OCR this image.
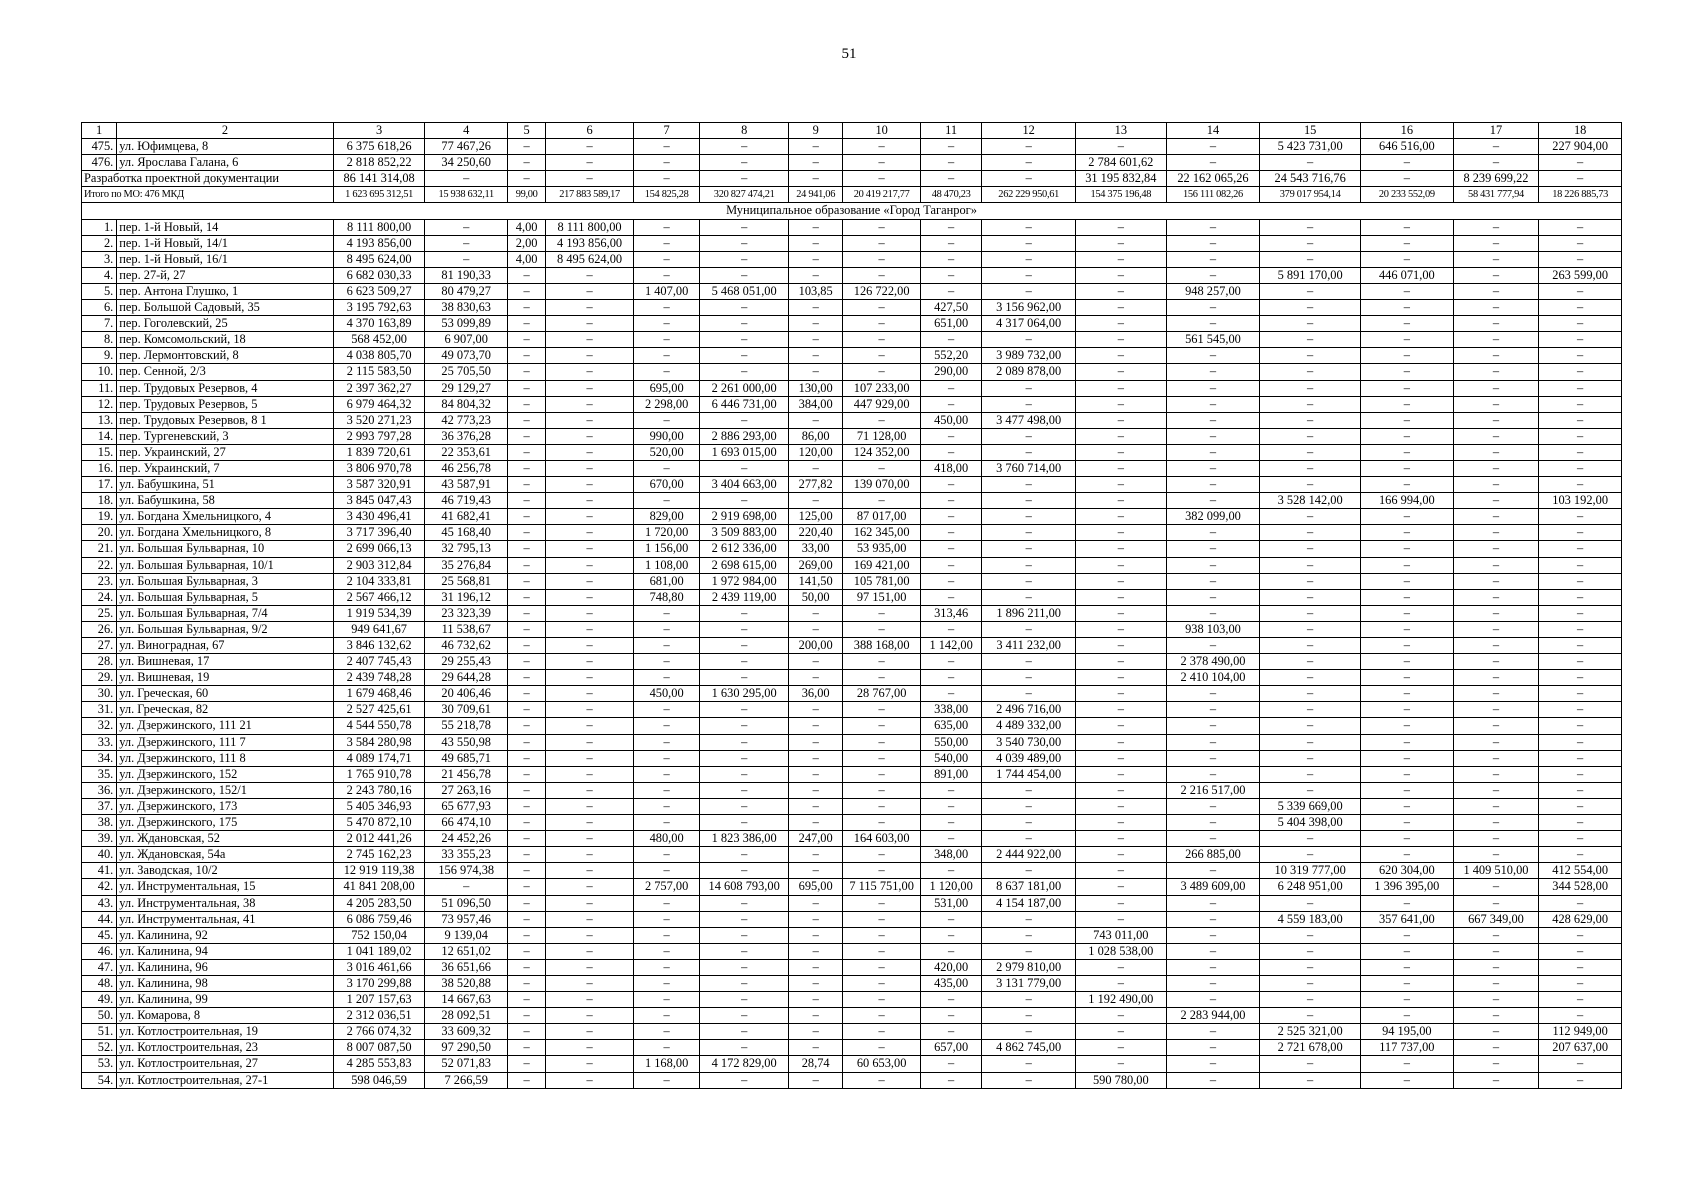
51
1	2	3	4	5	6	7	8	9	10	11	12	13	14	15	16	17	18
475.	ул. Юфимцева, 8	6 375 618,26	77 467,26	–	–	–	–	–	–	–	–	–	–	5 423 731,00	646 516,00	–	227 904,00
476.	ул. Ярослава Галана, 6	2 818 852,22	34 250,60	–	–	–	–	–	–	–	–	2 784 601,62	–	–	–	–	–
Разработка проектной документации		86 141 314,08	–	–	–	–	–	–	–	–	–	31 195 832,84	22 162 065,26	24 543 716,76	–	8 239 699,22	–
Итого по МО: 476 МКД		1 623 695 312,51	15 938 632,11	99,00	217 883 589,17	154 825,28	320 827 474,21	24 941,06	20 419 217,77	48 470,23	262 229 950,61	154 375 196,48	156 111 082,26	379 017 954,14	20 233 552,09	58 431 777,94	18 226 885,73
Муниципальное образование «Город Таганрог»																	
1.	пер. 1-й Новый, 14	8 111 800,00	–	4,00	8 111 800,00	–	–	–	–	–	–	–	–	–	–	–	–
2.	пер. 1-й Новый, 14/1	4 193 856,00	–	2,00	4 193 856,00	–	–	–	–	–	–	–	–	–	–	–	–
3.	пер. 1-й Новый, 16/1	8 495 624,00	–	4,00	8 495 624,00	–	–	–	–	–	–	–	–	–	–	–	–
4.	пер. 27-й, 27	6 682 030,33	81 190,33	–	–	–	–	–	–	–	–	–	–	5 891 170,00	446 071,00	–	263 599,00
5.	пер. Антона Глушко, 1	6 623 509,27	80 479,27	–	–	1 407,00	5 468 051,00	103,85	126 722,00	–	–	–	948 257,00	–	–	–	–
6.	пер. Большой Садовый, 35	3 195 792,63	38 830,63	–	–	–	–	–	–	427,50	3 156 962,00	–	–	–	–	–	–
7.	пер. Гоголевский, 25	4 370 163,89	53 099,89	–	–	–	–	–	–	651,00	4 317 064,00	–	–	–	–	–	–
8.	пер. Комсомольский, 18	568 452,00	6 907,00	–	–	–	–	–	–	–	–	–	561 545,00	–	–	–	–
9.	пер. Лермонтовский, 8	4 038 805,70	49 073,70	–	–	–	–	–	–	552,20	3 989 732,00	–	–	–	–	–	–
10.	пер. Сенной, 2/3	2 115 583,50	25 705,50	–	–	–	–	–	–	290,00	2 089 878,00	–	–	–	–	–	–
11.	пер. Трудовых Резервов, 4	2 397 362,27	29 129,27	–	–	695,00	2 261 000,00	130,00	107 233,00	–	–	–	–	–	–	–	–
12.	пер. Трудовых Резервов, 5	6 979 464,32	84 804,32	–	–	2 298,00	6 446 731,00	384,00	447 929,00	–	–	–	–	–	–	–	–
13.	пер. Трудовых Резервов, 8 1	3 520 271,23	42 773,23	–	–	–	–	–	–	450,00	3 477 498,00	–	–	–	–	–	–
14.	пер. Тургеневский, 3	2 993 797,28	36 376,28	–	–	990,00	2 886 293,00	86,00	71 128,00	–	–	–	–	–	–	–	–
15.	пер. Украинский, 27	1 839 720,61	22 353,61	–	–	520,00	1 693 015,00	120,00	124 352,00	–	–	–	–	–	–	–	–
16.	пер. Украинский, 7	3 806 970,78	46 256,78	–	–	–	–	–	–	418,00	3 760 714,00	–	–	–	–	–	–
17.	ул. Бабушкина, 51	3 587 320,91	43 587,91	–	–	670,00	3 404 663,00	277,82	139 070,00	–	–	–	–	–	–	–	–
18.	ул. Бабушкина, 58	3 845 047,43	46 719,43	–	–	–	–	–	–	–	–	–	–	3 528 142,00	166 994,00	–	103 192,00
19.	ул. Богдана Хмельницкого, 4	3 430 496,41	41 682,41	–	–	829,00	2 919 698,00	125,00	87 017,00	–	–	–	382 099,00	–	–	–	–
20.	ул. Богдана Хмельницкого, 8	3 717 396,40	45 168,40	–	–	1 720,00	3 509 883,00	220,40	162 345,00	–	–	–	–	–	–	–	–
21.	ул. Большая Бульварная, 10	2 699 066,13	32 795,13	–	–	1 156,00	2 612 336,00	33,00	53 935,00	–	–	–	–	–	–	–	–
22.	ул. Большая Бульварная, 10/1	2 903 312,84	35 276,84	–	–	1 108,00	2 698 615,00	269,00	169 421,00	–	–	–	–	–	–	–	–
23.	ул. Большая Бульварная, 3	2 104 333,81	25 568,81	–	–	681,00	1 972 984,00	141,50	105 781,00	–	–	–	–	–	–	–	–
24.	ул. Большая Бульварная, 5	2 567 466,12	31 196,12	–	–	748,80	2 439 119,00	50,00	97 151,00	–	–	–	–	–	–	–	–
25.	ул. Большая Бульварная, 7/4	1 919 534,39	23 323,39	–	–	–	–	–	–	313,46	1 896 211,00	–	–	–	–	–	–
26.	ул. Большая Бульварная, 9/2	949 641,67	11 538,67	–	–	–	–	–	–	–	–	–	938 103,00	–	–	–	–
27.	ул. Виноградная, 67	3 846 132,62	46 732,62	–	–	–	–	200,00	388 168,00	1 142,00	3 411 232,00	–	–	–	–	–	–
28.	ул. Вишневая, 17	2 407 745,43	29 255,43	–	–	–	–	–	–	–	–	–	2 378 490,00	–	–	–	–
29.	ул. Вишневая, 19	2 439 748,28	29 644,28	–	–	–	–	–	–	–	–	–	2 410 104,00	–	–	–	–
30.	ул. Греческая, 60	1 679 468,46	20 406,46	–	–	450,00	1 630 295,00	36,00	28 767,00	–	–	–	–	–	–	–	–
31.	ул. Греческая, 82	2 527 425,61	30 709,61	–	–	–	–	–	–	338,00	2 496 716,00	–	–	–	–	–	–
32.	ул. Дзержинского, 111 21	4 544 550,78	55 218,78	–	–	–	–	–	–	635,00	4 489 332,00	–	–	–	–	–	–
33.	ул. Дзержинского, 111 7	3 584 280,98	43 550,98	–	–	–	–	–	–	550,00	3 540 730,00	–	–	–	–	–	–
34.	ул. Дзержинского, 111 8	4 089 174,71	49 685,71	–	–	–	–	–	–	540,00	4 039 489,00	–	–	–	–	–	–
35.	ул. Дзержинского, 152	1 765 910,78	21 456,78	–	–	–	–	–	–	891,00	1 744 454,00	–	–	–	–	–	–
36.	ул. Дзержинского, 152/1	2 243 780,16	27 263,16	–	–	–	–	–	–	–	–	–	2 216 517,00	–	–	–	–
37.	ул. Дзержинского, 173	5 405 346,93	65 677,93	–	–	–	–	–	–	–	–	–	–	5 339 669,00	–	–	–
38.	ул. Дзержинского, 175	5 470 872,10	66 474,10	–	–	–	–	–	–	–	–	–	–	5 404 398,00	–	–	–
39.	ул. Ждановская, 52	2 012 441,26	24 452,26	–	–	480,00	1 823 386,00	247,00	164 603,00	–	–	–	–	–	–	–	–
40.	ул. Ждановская, 54а	2 745 162,23	33 355,23	–	–	–	–	–	–	348,00	2 444 922,00	–	266 885,00	–	–	–	–
41.	ул. Заводская, 10/2	12 919 119,38	156 974,38	–	–	–	–	–	–	–	–	–	–	10 319 777,00	620 304,00	1 409 510,00	412 554,00
42.	ул. Инструментальная, 15	41 841 208,00	–	–	–	2 757,00	14 608 793,00	695,00	7 115 751,00	1 120,00	8 637 181,00	–	3 489 609,00	6 248 951,00	1 396 395,00	–	344 528,00
43.	ул. Инструментальная, 38	4 205 283,50	51 096,50	–	–	–	–	–	–	531,00	4 154 187,00	–	–	–	–	–	–
44.	ул. Инструментальная, 41	6 086 759,46	73 957,46	–	–	–	–	–	–	–	–	–	–	4 559 183,00	357 641,00	667 349,00	428 629,00
45.	ул. Калинина, 92	752 150,04	9 139,04	–	–	–	–	–	–	–	–	743 011,00	–	–	–	–	–
46.	ул. Калинина, 94	1 041 189,02	12 651,02	–	–	–	–	–	–	–	–	1 028 538,00	–	–	–	–	–
47.	ул. Калинина, 96	3 016 461,66	36 651,66	–	–	–	–	–	–	420,00	2 979 810,00	–	–	–	–	–	–
48.	ул. Калинина, 98	3 170 299,88	38 520,88	–	–	–	–	–	–	435,00	3 131 779,00	–	–	–	–	–	–
49.	ул. Калинина, 99	1 207 157,63	14 667,63	–	–	–	–	–	–	–	–	1 192 490,00	–	–	–	–	–
50.	ул. Комарова, 8	2 312 036,51	28 092,51	–	–	–	–	–	–	–	–	–	2 283 944,00	–	–	–	–
51.	ул. Котлостроительная, 19	2 766 074,32	33 609,32	–	–	–	–	–	–	–	–	–	–	2 525 321,00	94 195,00	–	112 949,00
52.	ул. Котлостроительная, 23	8 007 087,50	97 290,50	–	–	–	–	–	–	657,00	4 862 745,00	–	–	2 721 678,00	117 737,00	–	207 637,00
53.	ул. Котлостроительная, 27	4 285 553,83	52 071,83	–	–	1 168,00	4 172 829,00	28,74	60 653,00	–	–	–	–	–	–	–	–
54.	ул. Котлостроительная, 27-1	598 046,59	7 266,59	–	–	–	–	–	–	–	–	590 780,00	–	–	–	–	–
